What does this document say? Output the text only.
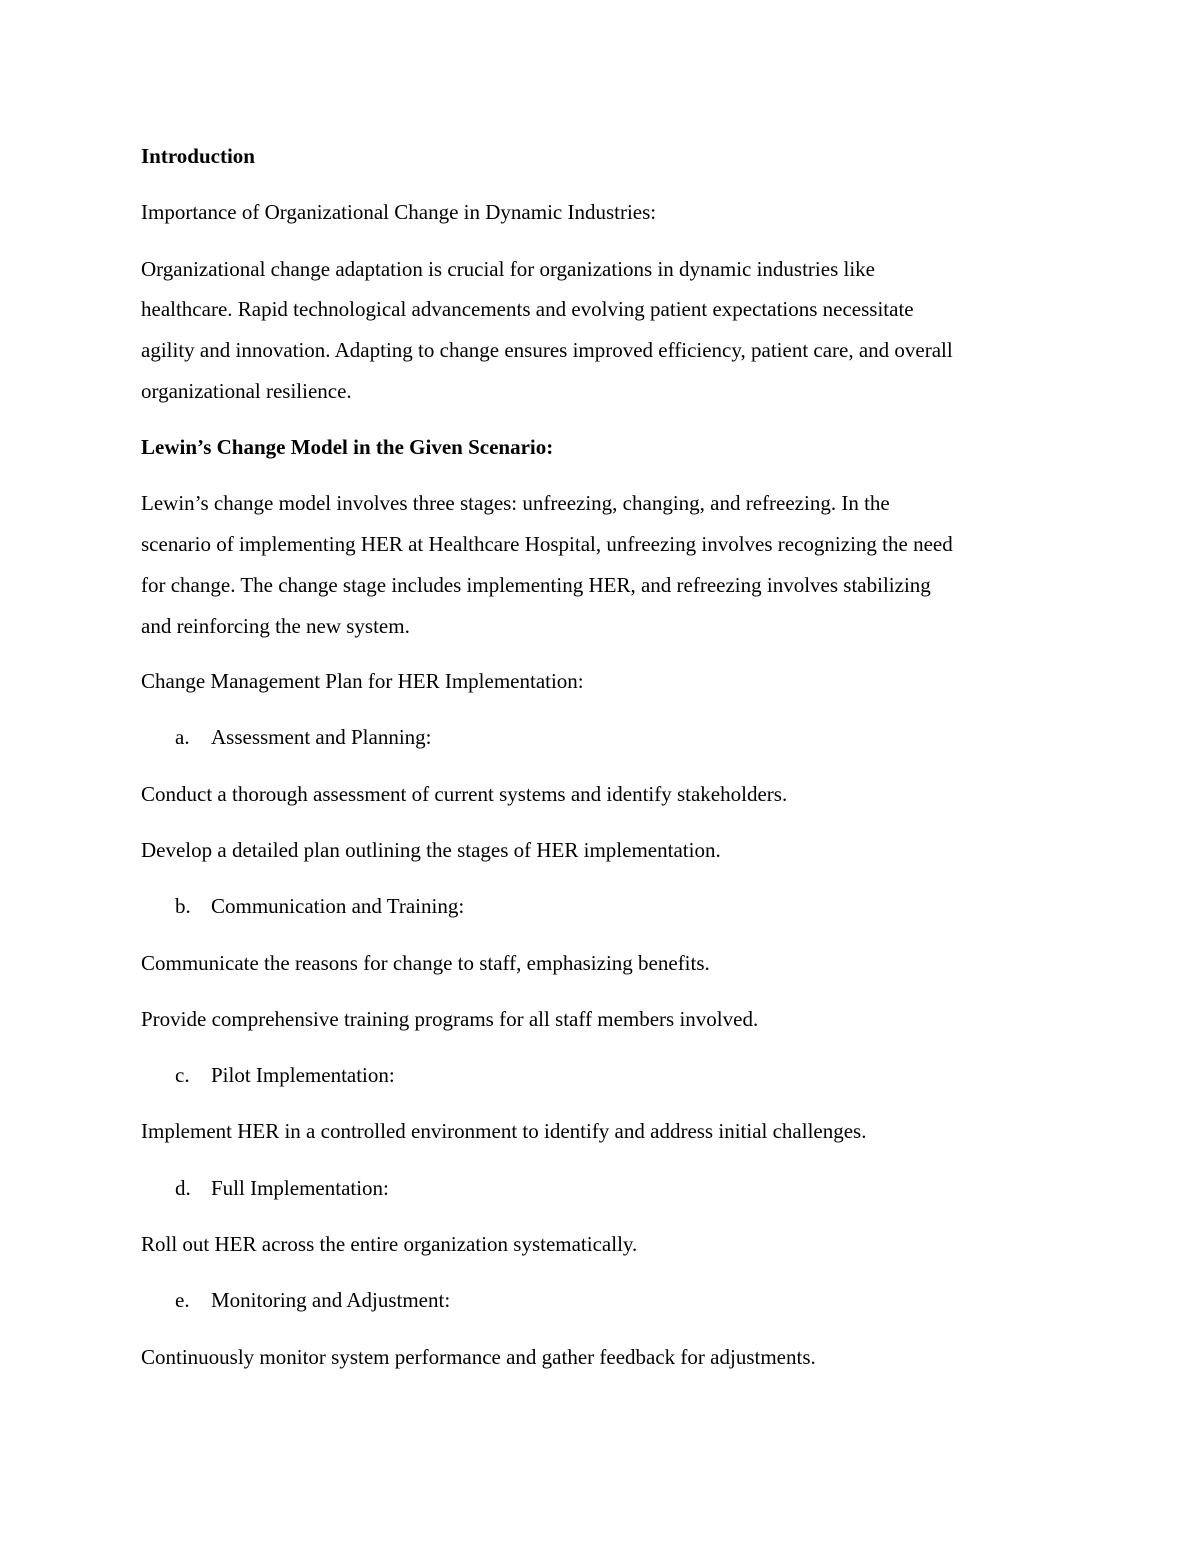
Introduction

Importance of Organizational Change in Dynamic Industries:

Organizational change adaptation is crucial for organizations in dynamic industries like

healthcare. Rapid technological advancements and evolving patient expectations necessitate

agility and innovation. Adapting to change ensures improved efficiency, patient care, and overall

organizational resilience.

Lewin’s Change Model in the Given Scenario:

Lewin’s change model involves three stages: unfreezing, changing, and refreezing. In the

scenario of implementing HER at Healthcare Hospital, unfreezing involves recognizing the need

for change. The change stage includes implementing HER, and refreezing involves stabilizing

and reinforcing the new system.

Change Management Plan for HER Implementation:

a. Assessment and Planning:

Conduct a thorough assessment of current systems and identify stakeholders.

Develop a detailed plan outlining the stages of HER implementation.

b. Communication and Training:

Communicate the reasons for change to staff, emphasizing benefits.

Provide comprehensive training programs for all staff members involved.

c. Pilot Implementation:

Implement HER in a controlled environment to identify and address initial challenges.

d. Full Implementation:

Roll out HER across the entire organization systematically.

e. Monitoring and Adjustment:

Continuously monitor system performance and gather feedback for adjustments.
